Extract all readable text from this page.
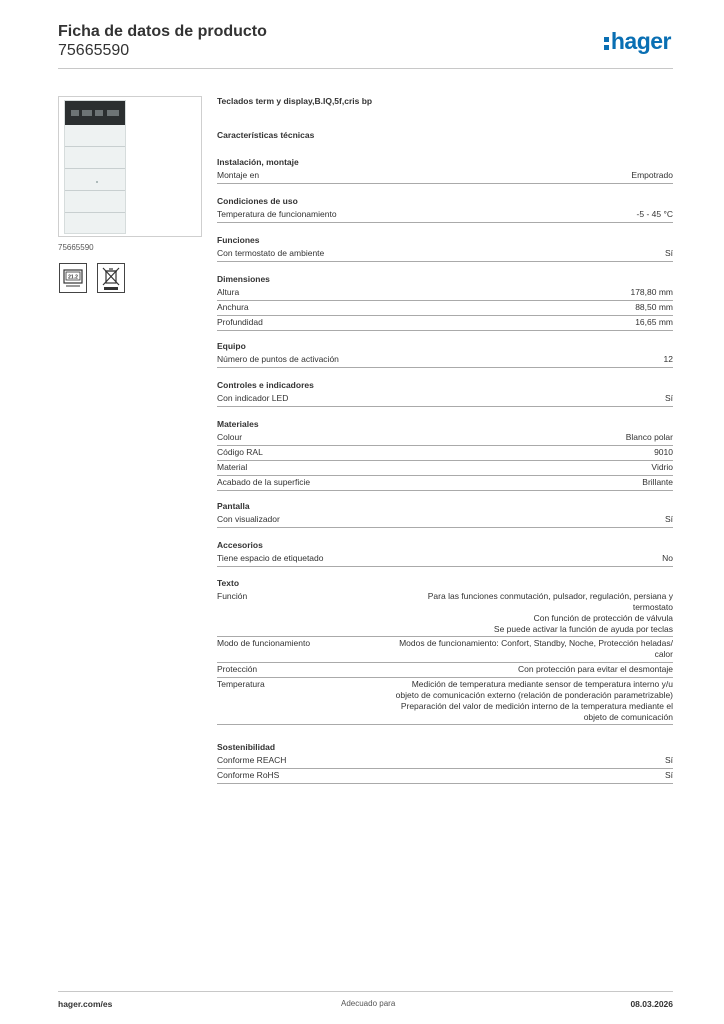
Ficha de datos de producto
75665590	hager
75665590
21.2
Teclados term y display,B.IQ,5f,cris bp
Características técnicas
Instalación, montaje
Montaje en	Empotrado
Condiciones de uso
Temperatura de funcionamiento	-5 - 45 °C
Funciones
Con termostato de ambiente	Sí
Dimensiones
Altura	178,80 mm
Anchura	88,50 mm
Profundidad	16,65 mm
Equipo
Número de puntos de activación	12
Controles e indicadores
Con indicador LED	Sí
Materiales
Colour	Blanco polar
Código RAL	9010
Material	Vidrio
Acabado de la superficie	Brillante
Pantalla
Con visualizador	Sí
Accesorios
Tiene espacio de etiquetado	No
Texto
Función	Para las funciones conmutación, pulsador, regulación, persiana y
termostato
Con función de protección de válvula
Se puede activar la función de ayuda por teclas
Modo de funcionamiento	Modos de funcionamiento: Confort, Standby, Noche, Protección heladas/
calor
Protección	Con protección para evitar el desmontaje
Temperatura	Medición de temperatura mediante sensor de temperatura interno y/u
objeto de comunicación externo (relación de ponderación parametrizable)
Preparación del valor de medición interno de la temperatura mediante el
objeto de comunicación
Sostenibilidad
Conforme REACH	Sí
Conforme RoHS	Sí
hager.com/es	Adecuado para	08.03.2026
